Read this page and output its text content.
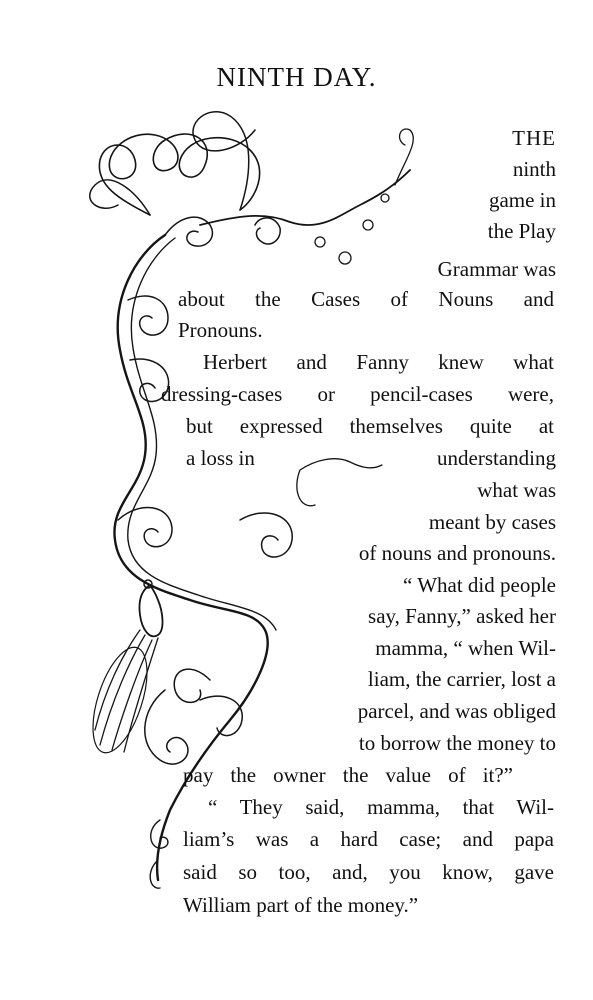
NINTH DAY.

THE

ninth

game in

the Play

Grammar was

about the Cases of Nouns and

Pronouns.

Herbert and Fanny knew what

dressing-cases or pencil-cases were,

but expressed themselves quite at

a loss in	understanding

what was

meant by cases

of nouns and pronouns.

“ What did people

say, Fanny,” asked her

mamma, “ when Wil-

liam, the carrier, lost a

parcel, and was obliged

to borrow the money to

pay the owner the value of it?”

“ They said, mamma, that Wil-

liam’s was a hard case; and papa

said so too, and, you know, gave

William part of the money.”
